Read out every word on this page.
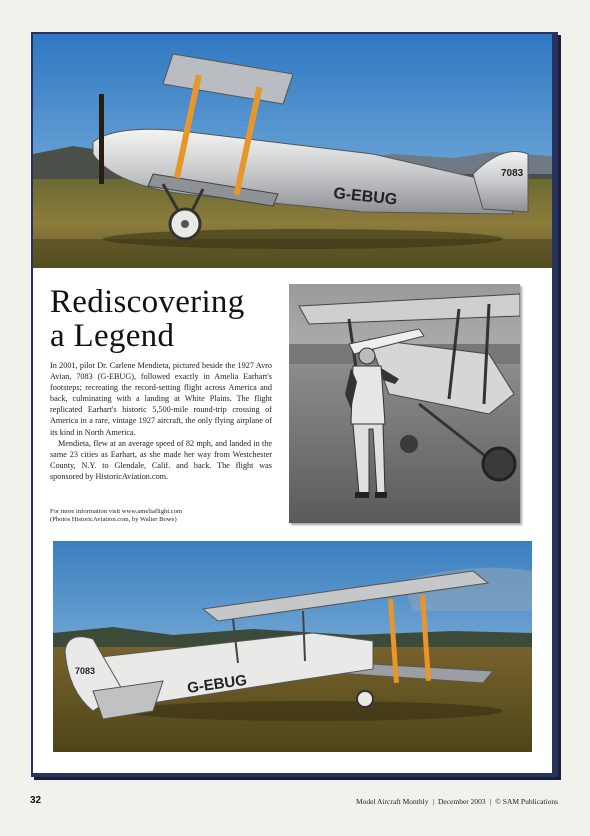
G-EBUG
7083
Rediscovering
a Legend

In 2001, pilot Dr. Carlene Mendieta, pictured beside the 1927 Avro Avian, 7083 (G-EBUG), followed exactly in Amelia Earhart's footsteps; recreating the record-setting flight across America and back, culminating with a landing at White Plains. The flight replicated Earhart's historic 5,500-mile round-trip crossing of America in a rare, vintage 1927 aircraft, the only flying airplane of its kind in North America.

Mendieta, flew at an average speed of 82 mph, and landed in the same 23 cities as Earhart, as she made her way from Westchester County, N.Y. to Glendale, Calif. and back. The flight was sponsored by HistoricAviation.com.

For more information visit www.ameliaflight.com
(Photos HistoricAviation.com, by Walter Bowe)
G-EBUG
7083
32	Model Aircraft Monthly | December 2003 | © SAM Publications
